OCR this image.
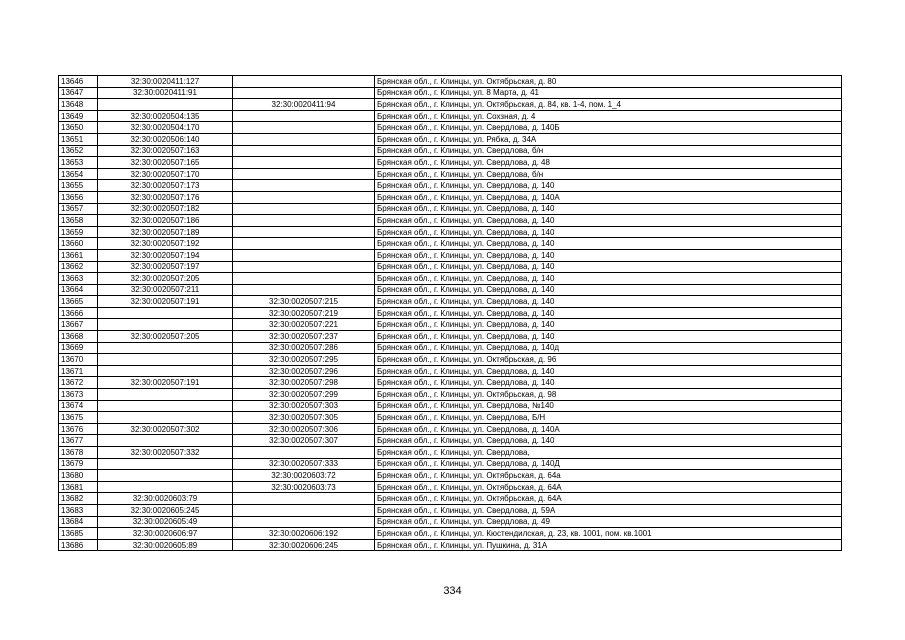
13646	32:30:0020411:127		Брянская обл., г. Клинцы, ул. Октябрьская, д. 80
13647	32:30:0020411:91		Брянская обл., г. Клинцы, ул. 8 Марта, д. 41
13648		32:30:0020411:94	Брянская обл., г. Клинцы, ул. Октябрьская, д. 84, кв. 1-4, пом. 1_4
13649	32:30:0020504:135		Брянская обл., г. Клинцы, ул. Сохзная, д. 4
13650	32:30:0020504:170		Брянская обл., г. Клинцы, ул. Свердлова, д. 140Б
13651	32:30:0020506:140		Брянская обл., г. Клинцы, ул. Рябка, д. 34А
13652	32:30:0020507:163		Брянская обл., г. Клинцы, ул. Свердлова, б/н
13653	32:30:0020507:165		Брянская обл., г. Клинцы, ул. Свердлова, д. 48
13654	32:30:0020507:170		Брянская обл., г. Клинцы, ул. Свердлова, б/н
13655	32:30:0020507:173		Брянская обл., г. Клинцы, ул. Свердлова, д. 140
13656	32:30:0020507:176		Брянская обл., г. Клинцы, ул. Свердлова, д. 140А
13657	32:30:0020507:182		Брянская обл., г. Клинцы, ул. Свердлова, д. 140
13658	32:30:0020507:186		Брянская обл., г. Клинцы, ул. Свердлова, д. 140
13659	32:30:0020507:189		Брянская обл., г. Клинцы, ул. Свердлова, д. 140
13660	32:30:0020507:192		Брянская обл., г. Клинцы, ул. Свердлова, д. 140
13661	32:30:0020507:194		Брянская обл., г. Клинцы, ул. Свердлова, д. 140
13662	32:30:0020507:197		Брянская обл., г. Клинцы, ул. Свердлова, д. 140
13663	32:30:0020507:205		Брянская обл., г. Клинцы, ул. Свердлова, д. 140
13664	32:30:0020507:211		Брянская обл., г. Клинцы, ул. Свердлова, д. 140
13665	32:30:0020507:191	32:30:0020507:215	Брянская обл., г. Клинцы, ул. Свердлова, д. 140
13666		32:30:0020507:219	Брянская обл., г. Клинцы, ул. Свердлова, д. 140
13667		32:30:0020507:221	Брянская обл., г. Клинцы, ул. Свердлова, д. 140
13668	32:30:0020507:205	32:30:0020507:237	Брянская обл., г. Клинцы, ул. Свердлова, д. 140
13669		32:30:0020507:286	Брянская обл., г. Клинцы, ул. Свердлова, д. 140д
13670		32:30:0020507:295	Брянская обл., г. Клинцы, ул. Октябрьская, д. 96
13671		32:30:0020507:296	Брянская обл., г. Клинцы, ул. Свердлова, д. 140
13672	32:30:0020507:191	32:30:0020507:298	Брянская обл., г. Клинцы, ул. Свердлова, д. 140
13673		32:30:0020507:299	Брянская обл., г. Клинцы, ул. Октябрьская, д. 98
13674		32:30:0020507:303	Брянская обл., г. Клинцы, ул. Свердлова, №140
13675		32:30:0020507:305	Брянская обл., г. Клинцы, ул. Свердлова, Б/Н
13676	32:30:0020507:302	32:30:0020507:306	Брянская обл., г. Клинцы, ул. Свердлова, д. 140А
13677		32:30:0020507:307	Брянская обл., г. Клинцы, ул. Свердлова, д. 140
13678	32:30:0020507:332		Брянская обл., г. Клинцы, ул. Свердлова,
13679		32:30:0020507:333	Брянская обл., г. Клинцы, ул. Свердлова, д. 140Д
13680		32:30:0020603:72	Брянская обл., г. Клинцы, ул. Октябрьская, д. 64а
13681		32:30:0020603:73	Брянская обл., г. Клинцы, ул. Октябрьская, д. 64А
13682	32:30:0020603:79		Брянская обл., г. Клинцы, ул. Октябрьская, д. 64А
13683	32:30:0020605:245		Брянская обл., г. Клинцы, ул. Свердлова, д. 59А
13684	32:30:0020605:49		Брянская обл., г. Клинцы, ул. Свердлова, д. 49
13685	32:30:0020606:97	32:30:0020606:192	Брянская обл., г. Клинцы, ул. Кюстендилская, д. 23, кв. 1001, пом. кв.1001
13686	32:30:0020605:89	32:30:0020606:245	Брянская обл., г. Клинцы, ул. Пушкина, д. 31А
334
